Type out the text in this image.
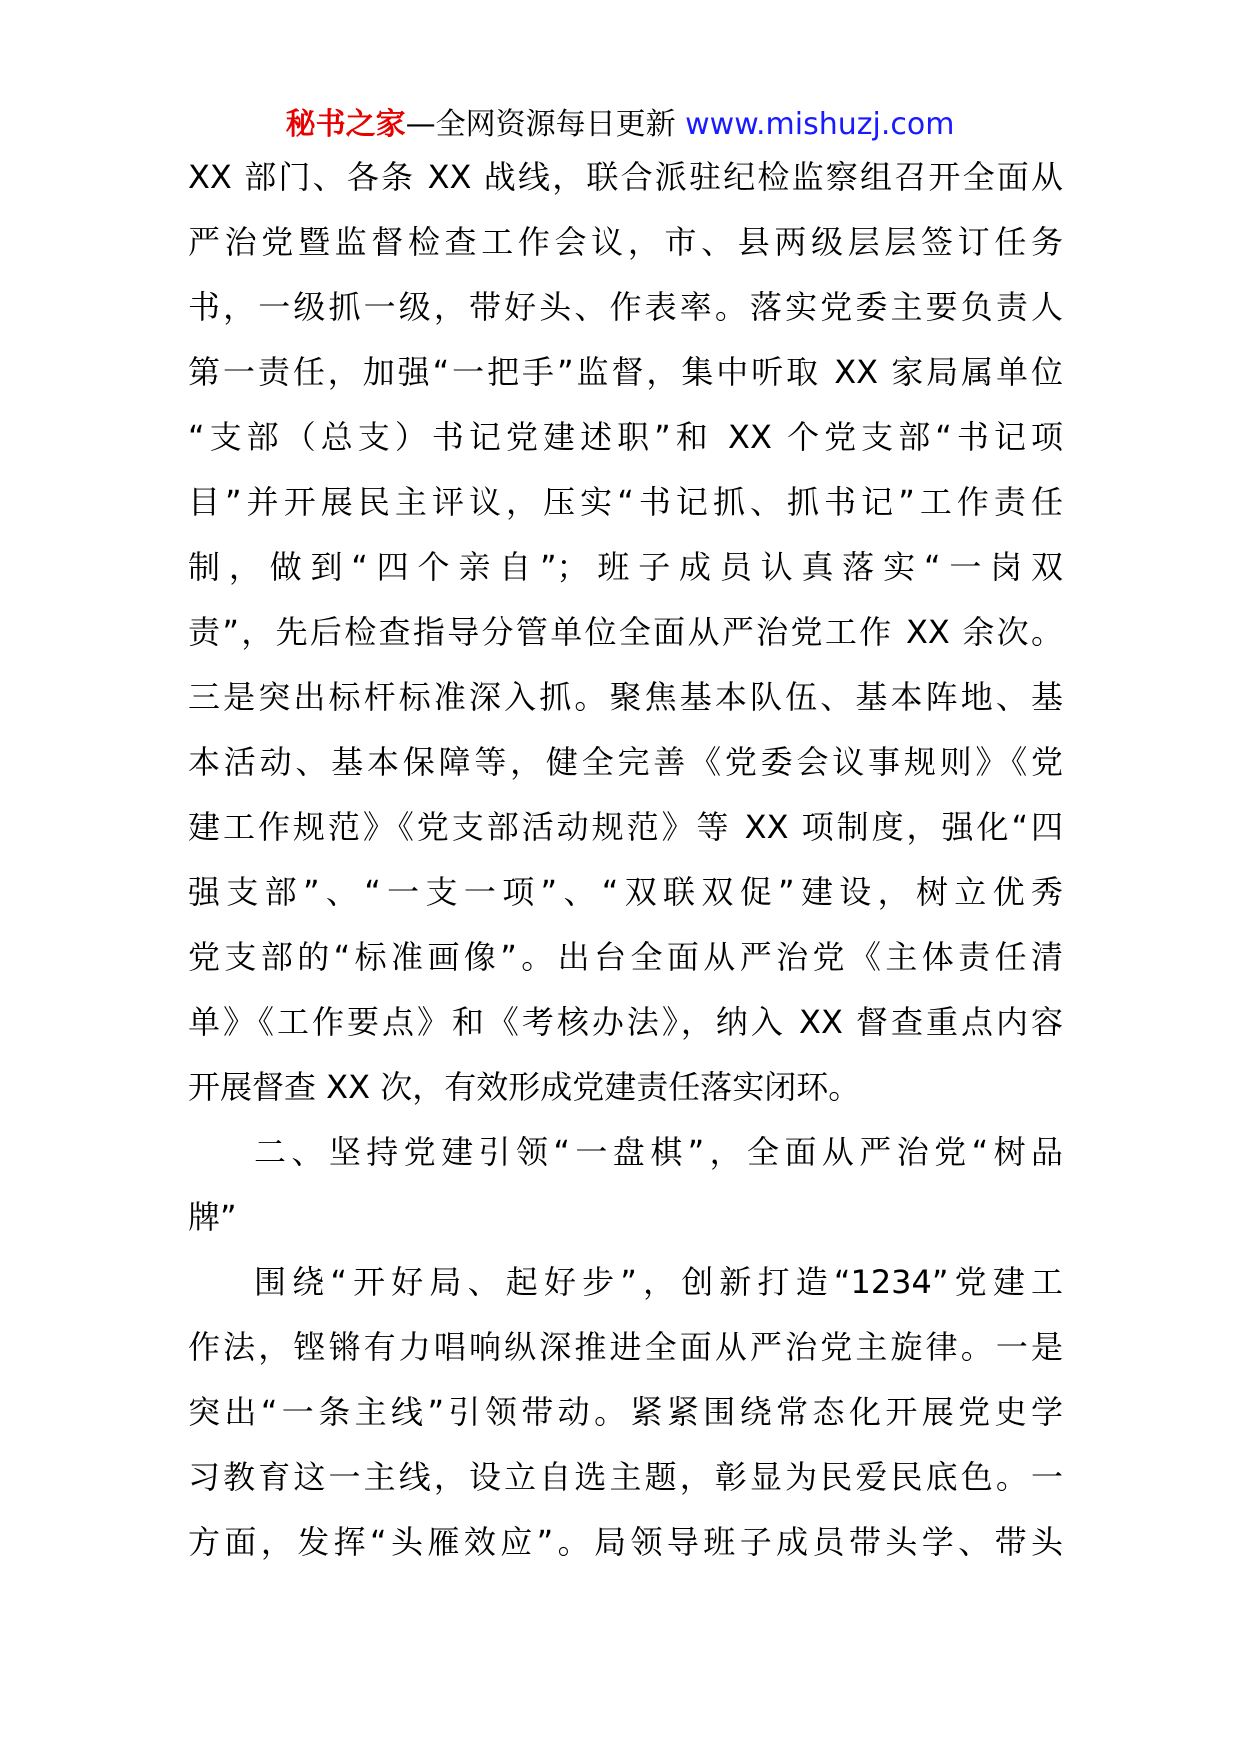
秘书之家—全网资源每日更新 www.mishuzj.com
XX 部门、各条 XX 战线，联合派驻纪检监察组召开全面从
严治党暨监督检查工作会议，市、县两级层层签订任务
书，一级抓一级，带好头、作表率。落实党委主要负责人
第一责任，加强“一把手”监督，集中听取 XX 家局属单位
“支部（总支）书记党建述职”和 XX 个党支部“书记项
目”并开展民主评议，压实“书记抓、抓书记”工作责任
制，做到“四个亲自”；班子成员认真落实“一岗双
责”，先后检查指导分管单位全面从严治党工作 XX 余次。
三是突出标杆标准深入抓。聚焦基本队伍、基本阵地、基
本活动、基本保障等，健全完善《党委会议事规则》《党
建工作规范》《党支部活动规范》等 XX 项制度，强化“四
强支部”、“一支一项”、“双联双促”建设，树立优秀
党支部的“标准画像”。出台全面从严治党《主体责任清
单》《工作要点》和《考核办法》，纳入 XX 督查重点内容
开展督查 XX 次，有效形成党建责任落实闭环。
二、坚持党建引领“一盘棋”，全面从严治党“树品
牌”
围绕“开好局、起好步”，创新打造“1234”党建工
作法，铿锵有力唱响纵深推进全面从严治党主旋律。一是
突出“一条主线”引领带动。紧紧围绕常态化开展党史学
习教育这一主线，设立自选主题，彰显为民爱民底色。一
方面，发挥“头雁效应”。局领导班子成员带头学、带头
